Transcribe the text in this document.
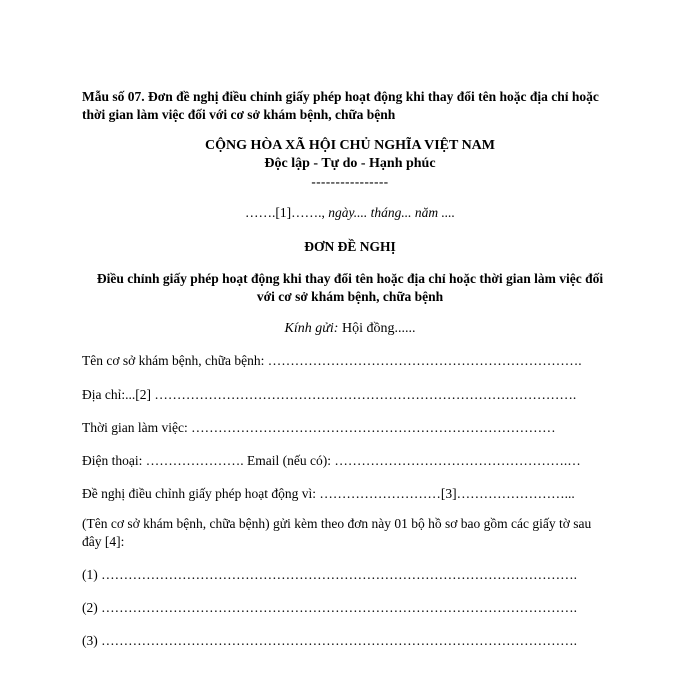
Mẫu số 07. Đơn đề nghị điều chỉnh giấy phép hoạt động khi thay đổi tên hoặc địa chỉ hoặc thời gian làm việc đối với cơ sở khám bệnh, chữa bệnh
CỘNG HÒA XÃ HỘI CHỦ NGHĨA VIỆT NAM
Độc lập - Tự do - Hạnh phúc
----------------
…….[1]……., ngày.... tháng... năm ....
ĐƠN ĐỀ NGHỊ
Điều chỉnh giấy phép hoạt động khi thay đổi tên hoặc địa chỉ hoặc thời gian làm việc đối với cơ sở khám bệnh, chữa bệnh
Kính gửi: Hội đồng......
Tên cơ sở khám bệnh, chữa bệnh: …………………………………………………………….
Địa chỉ:...[2] ………………………………………………………………………………….
Thời gian làm việc: ………………………………………………………………………
Điện thoại: …………………. Email (nếu có): …………………………………………….…
Đề nghị điều chỉnh giấy phép hoạt động vì: ………………………[3]……………………...
(Tên cơ sở khám bệnh, chữa bệnh) gửi kèm theo đơn này 01 bộ hồ sơ bao gồm các giấy tờ sau đây [4]:
(1) …………………………………………………………………………………………….
(2) …………………………………………………………………………………………….
(3) …………………………………………………………………………………………….
